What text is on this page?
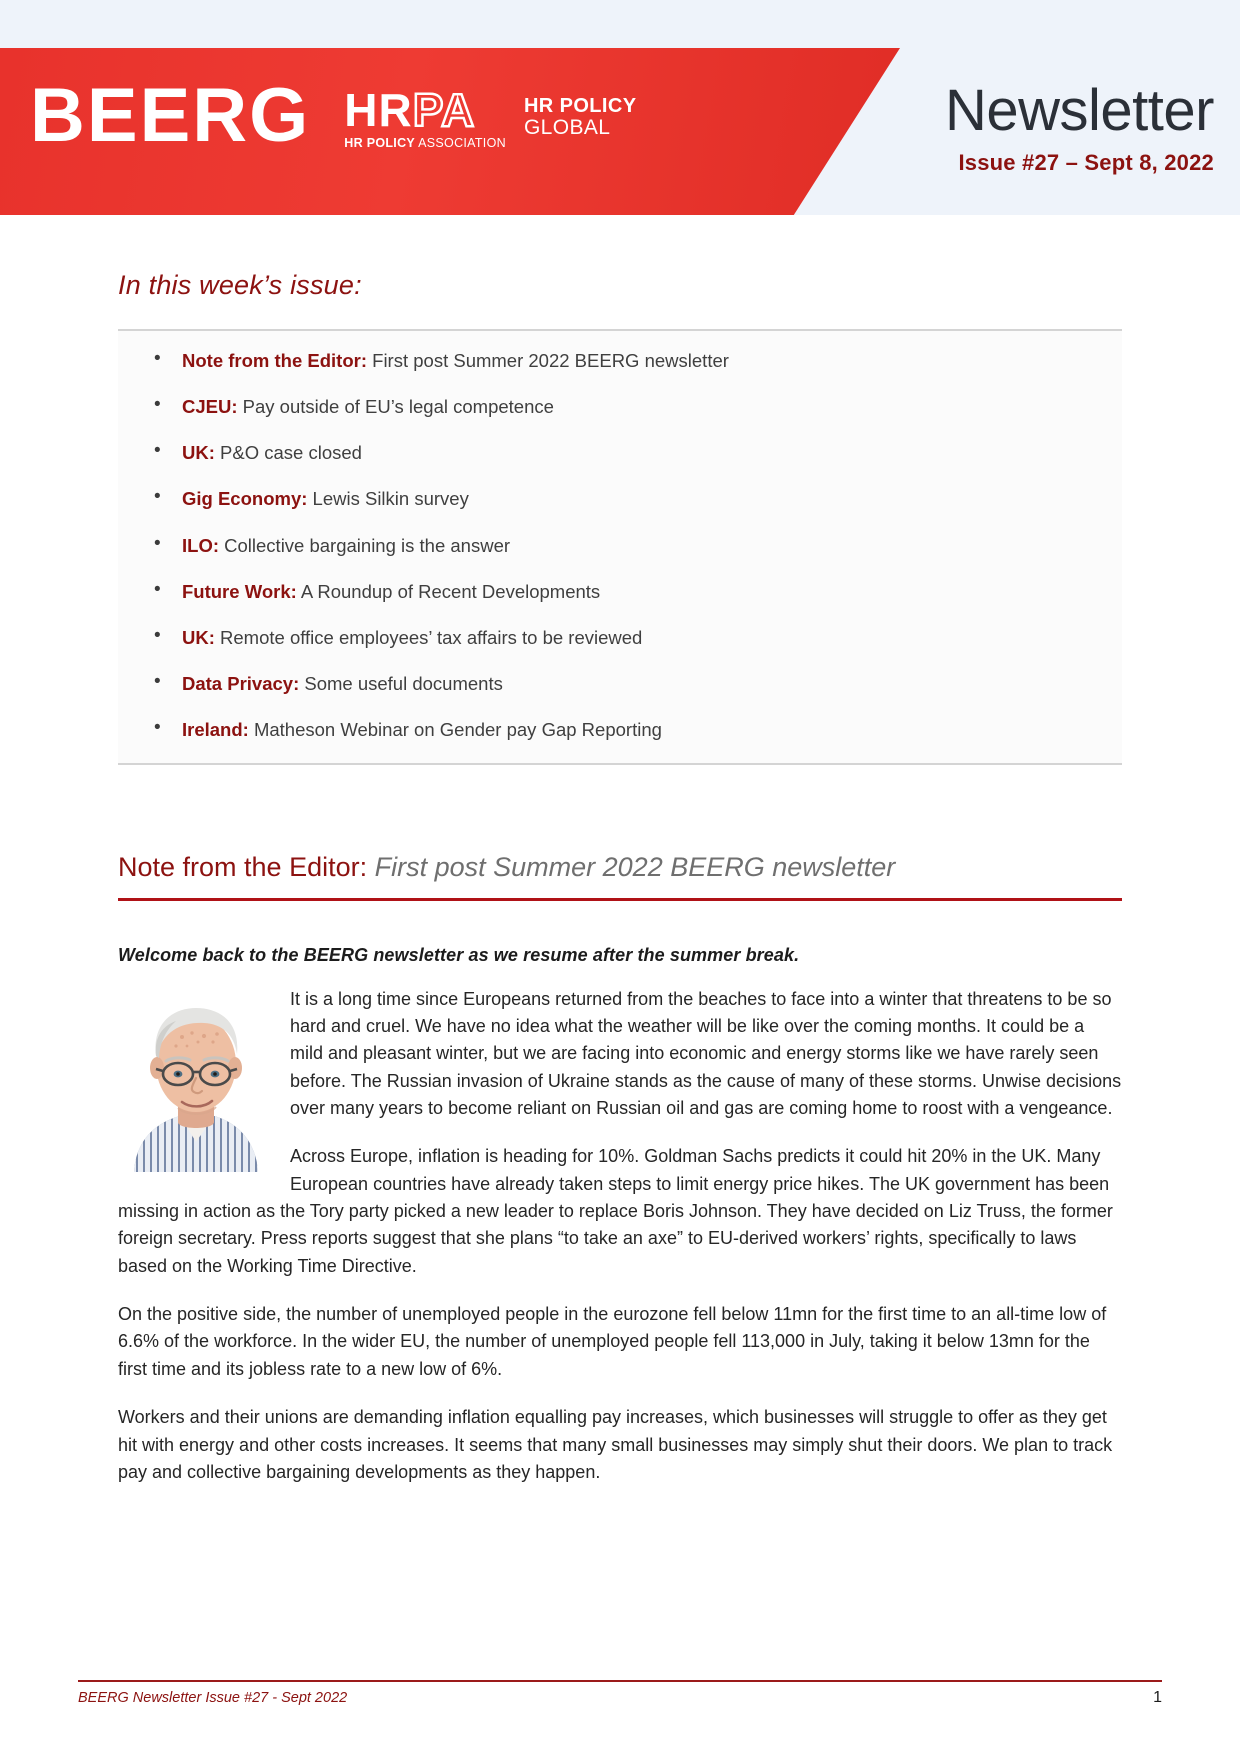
BEERG HRPA
HR POLICY ASSOCIATION
HR POLICY
GLOBAL	Newsletter
Issue #27 – Sept 8, 2022
In this week’s issue:
• Note from the Editor: First post Summer 2022 BEERG newsletter
• CJEU: Pay outside of EU’s legal competence
• UK: P&O case closed
• Gig Economy: Lewis Silkin survey
• ILO: Collective bargaining is the answer
• Future Work: A Roundup of Recent Developments
• UK: Remote office employees’ tax affairs to be reviewed
• Data Privacy: Some useful documents
• Ireland: Matheson Webinar on Gender pay Gap Reporting
Note from the Editor: First post Summer 2022 BEERG newsletter
Welcome back to the BEERG newsletter as we resume after the summer break.

It is a long time since Europeans returned from the beaches to face into a winter that threatens to be so hard and cruel. We have no idea what the weather will be like over the coming months. It could be a mild and pleasant winter, but we are facing into economic and energy storms like we have rarely seen before. The Russian invasion of Ukraine stands as the cause of many of these storms. Unwise decisions over many years to become reliant on Russian oil and gas are coming home to roost with a vengeance.

Across Europe, inflation is heading for 10%. Goldman Sachs predicts it could hit 20% in the UK. Many European countries have already taken steps to limit energy price hikes. The UK government has been missing in action as the Tory party picked a new leader to replace Boris Johnson. They have decided on Liz Truss, the former foreign secretary. Press reports suggest that she plans “to take an axe” to EU-derived workers’ rights, specifically to laws based on the Working Time Directive.

On the positive side, the number of unemployed people in the eurozone fell below 11mn for the first time to an all-time low of 6.6% of the workforce. In the wider EU, the number of unemployed people fell 113,000 in July, taking it below 13mn for the first time and its jobless rate to a new low of 6%.

Workers and their unions are demanding inflation equalling pay increases, which businesses will struggle to offer as they get hit with energy and other costs increases. It seems that many small businesses may simply shut their doors. We plan to track pay and collective bargaining developments as they happen.

BEERG Newsletter Issue #27 - Sept 2022	1
